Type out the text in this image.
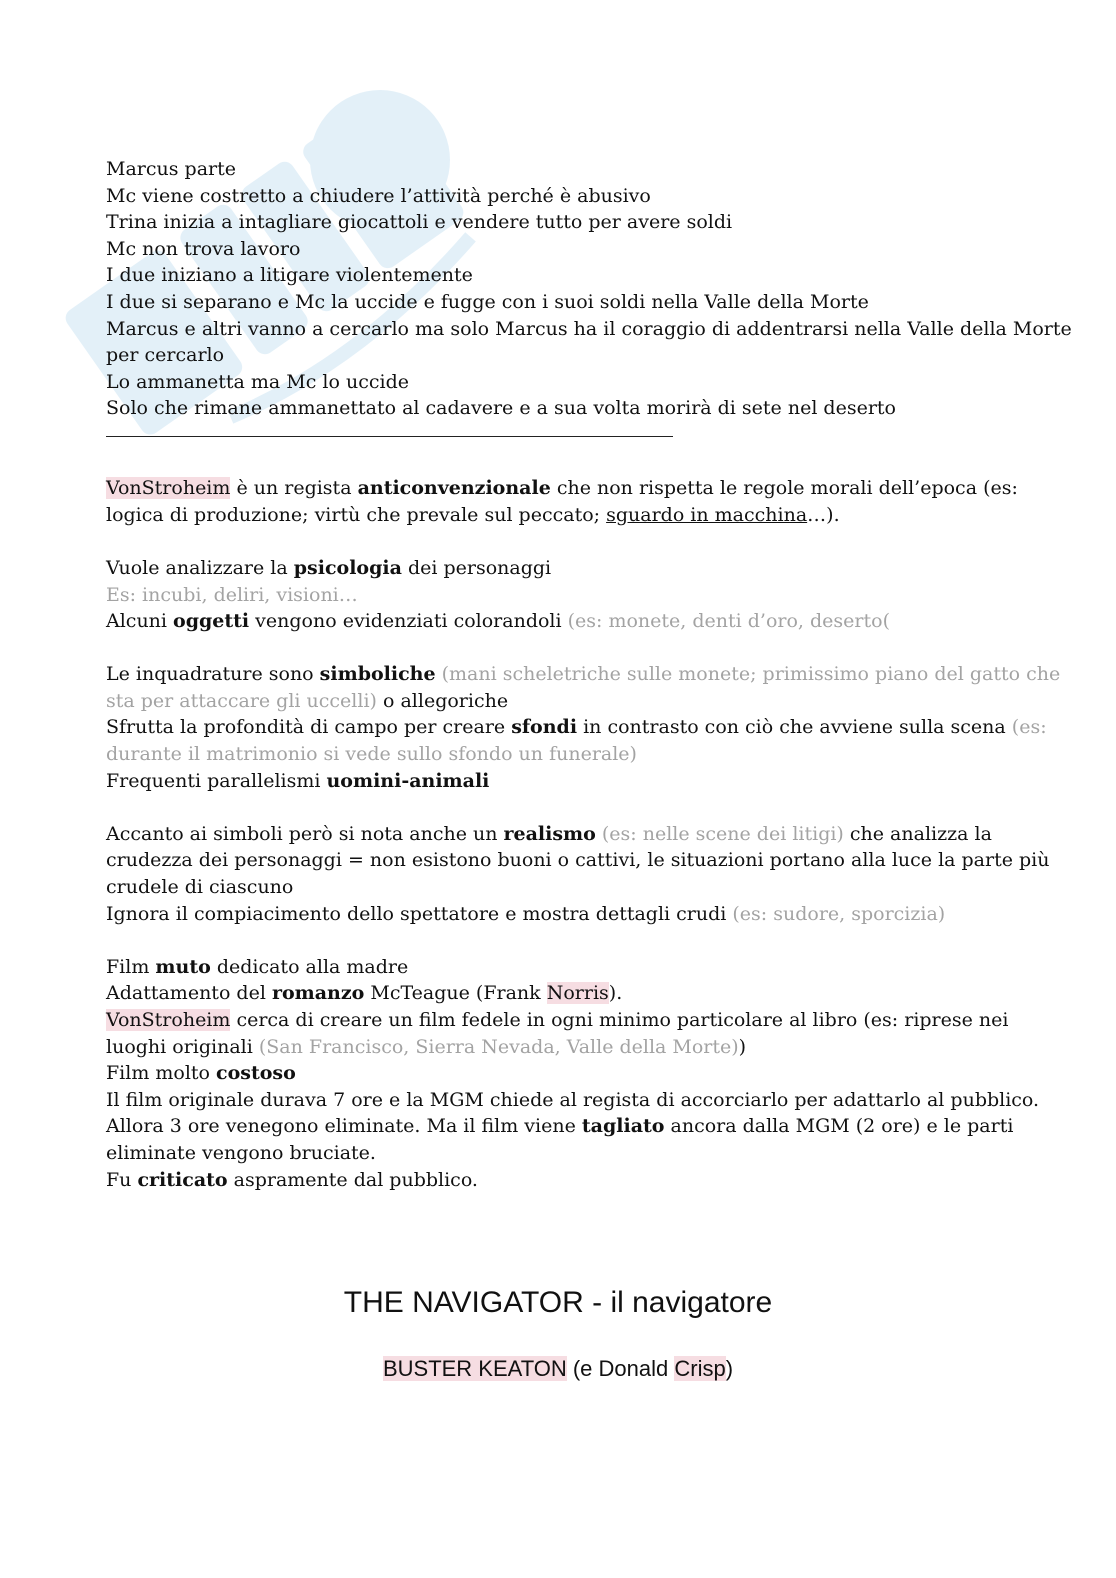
Marcus parte

Mc viene costretto a chiudere l’attività perché è abusivo

Trina inizia a intagliare giocattoli e vendere tutto per avere soldi

Mc non trova lavoro

I due iniziano a litigare violentemente

I due si separano e Mc la uccide e fugge con i suoi soldi nella Valle della Morte

Marcus e altri vanno a cercarlo ma solo Marcus ha il coraggio di addentrarsi nella Valle della Morte

per cercarlo

Lo ammanetta ma Mc lo uccide

Solo che rimane ammanettato al cadavere e a sua volta morirà di sete nel deserto

VonStroheim è un regista anticonvenzionale che non rispetta le regole morali dell’epoca (es:

logica di produzione; virtù che prevale sul peccato; sguardo in macchina…).

Vuole analizzare la psicologia dei personaggi

Es: incubi, deliri, visioni…

Alcuni oggetti vengono evidenziati colorandoli (es: monete, denti d’oro, deserto(

Le inquadrature sono simboliche (mani scheletriche sulle monete; primissimo piano del gatto che

sta per attaccare gli uccelli) o allegoriche

Sfrutta la profondità di campo per creare sfondi in contrasto con ciò che avviene sulla scena (es:

durante il matrimonio si vede sullo sfondo un funerale)

Frequenti parallelismi uomini-animali

Accanto ai simboli però si nota anche un realismo (es: nelle scene dei litigi) che analizza la

crudezza dei personaggi = non esistono buoni o cattivi, le situazioni portano alla luce la parte più

crudele di ciascuno

Ignora il compiacimento dello spettatore e mostra dettagli crudi (es: sudore, sporcizia)

Film muto dedicato alla madre

Adattamento del romanzo McTeague (Frank Norris).

VonStroheim cerca di creare un film fedele in ogni minimo particolare al libro (es: riprese nei

luoghi originali (San Francisco, Sierra Nevada, Valle della Morte))

Film molto costoso

Il film originale durava 7 ore e la MGM chiede al regista di accorciarlo per adattarlo al pubblico.

Allora 3 ore venegono eliminate. Ma il film viene tagliato ancora dalla MGM (2 ore) e le parti

eliminate vengono bruciate.

Fu criticato aspramente dal pubblico.

THE NAVIGATOR - il navigatore
BUSTER KEATON (e Donald Crisp)
